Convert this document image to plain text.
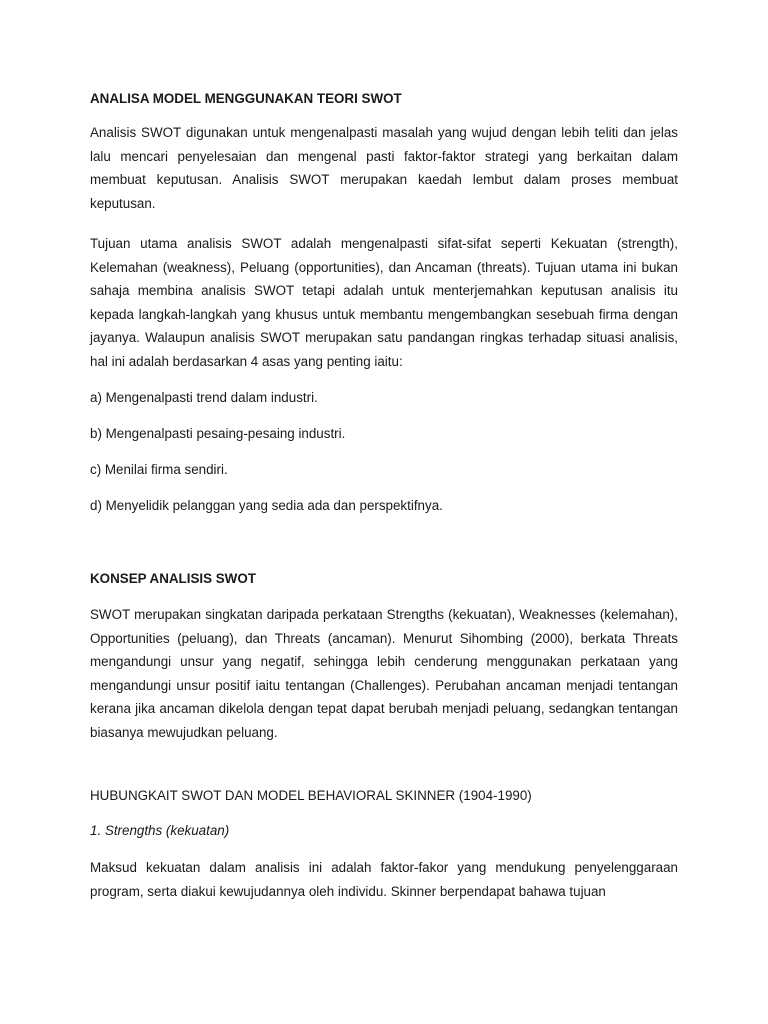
ANALISA MODEL MENGGUNAKAN TEORI SWOT

Analisis SWOT digunakan untuk mengenalpasti masalah yang wujud dengan lebih teliti dan jelas lalu mencari penyelesaian dan mengenal pasti faktor-faktor strategi yang berkaitan dalam membuat keputusan. Analisis SWOT merupakan kaedah lembut dalam proses membuat keputusan.

Tujuan utama analisis SWOT adalah mengenalpasti sifat-sifat seperti Kekuatan (strength), Kelemahan (weakness), Peluang (opportunities), dan Ancaman (threats). Tujuan utama ini bukan sahaja membina analisis SWOT tetapi adalah untuk menterjemahkan keputusan analisis itu kepada langkah-langkah yang khusus untuk membantu mengembangkan sesebuah firma dengan jayanya. Walaupun analisis SWOT merupakan satu pandangan ringkas terhadap situasi analisis, hal ini adalah berdasarkan 4 asas yang penting iaitu:

a) Mengenalpasti trend dalam industri.

b) Mengenalpasti pesaing-pesaing industri.

c) Menilai firma sendiri.

d) Menyelidik pelanggan yang sedia ada dan perspektifnya.

KONSEP ANALISIS SWOT

SWOT merupakan singkatan daripada perkataan Strengths (kekuatan), Weaknesses (kelemahan), Opportunities (peluang), dan Threats (ancaman). Menurut Sihombing (2000), berkata Threats mengandungi unsur yang negatif, sehingga lebih cenderung menggunakan perkataan yang mengandungi unsur positif iaitu tentangan (Challenges). Perubahan ancaman menjadi tentangan kerana jika ancaman dikelola dengan tepat dapat berubah menjadi peluang, sedangkan tentangan biasanya mewujudkan peluang.

HUBUNGKAIT SWOT DAN MODEL BEHAVIORAL SKINNER (1904-1990)

1. Strengths (kekuatan)

Maksud kekuatan dalam analisis ini adalah faktor-fakor yang mendukung penyelenggaraan program, serta diakui kewujudannya oleh individu. Skinner berpendapat bahawa tujuan
